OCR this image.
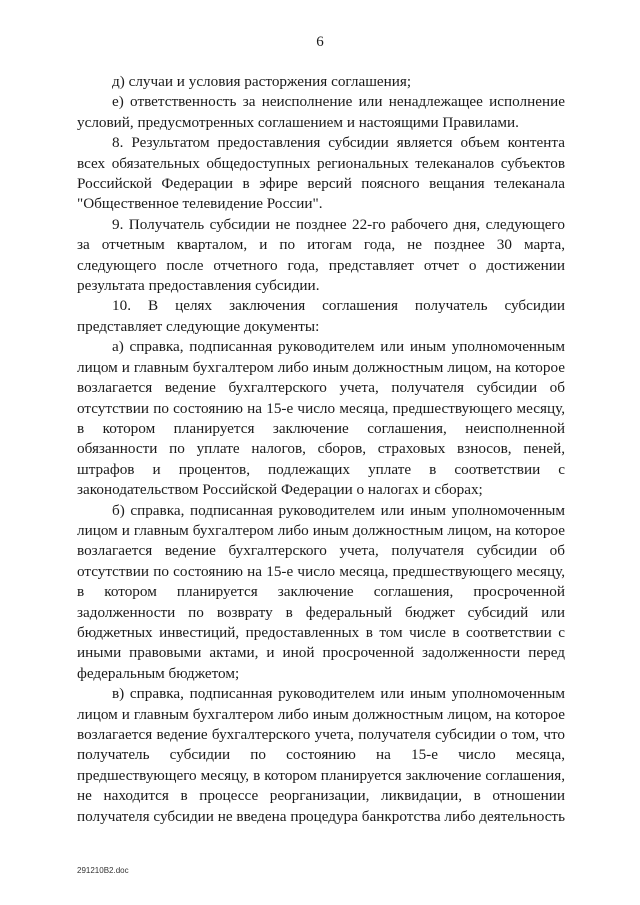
6

д) случаи и условия расторжения соглашения;

е) ответственность за неисполнение или ненадлежащее исполнение условий, предусмотренных соглашением и настоящими Правилами.

8. Результатом предоставления субсидии является объем контента всех обязательных общедоступных региональных телеканалов субъектов Российской Федерации в эфире версий поясного вещания телеканала "Общественное телевидение России".

9. Получатель субсидии не позднее 22-го рабочего дня, следующего за отчетным кварталом, и по итогам года, не позднее 30 марта, следующего после отчетного года, представляет отчет о достижении результата предоставления субсидии.

10. В целях заключения соглашения получатель субсидии представляет следующие документы:

а) справка, подписанная руководителем или иным уполномоченным лицом и главным бухгалтером либо иным должностным лицом, на которое возлагается ведение бухгалтерского учета, получателя субсидии об отсутствии по состоянию на 15-е число месяца, предшествующего месяцу, в котором планируется заключение соглашения, неисполненной обязанности по уплате налогов, сборов, страховых взносов, пеней, штрафов и процентов, подлежащих уплате в соответствии с законодательством Российской Федерации о налогах и сборах;

б) справка, подписанная руководителем или иным уполномоченным лицом и главным бухгалтером либо иным должностным лицом, на которое возлагается ведение бухгалтерского учета, получателя субсидии об отсутствии по состоянию на 15-е число месяца, предшествующего месяцу, в котором планируется заключение соглашения, просроченной задолженности по возврату в федеральный бюджет субсидий или бюджетных инвестиций, предоставленных в том числе в соответствии с иными правовыми актами, и иной просроченной задолженности перед федеральным бюджетом;

в) справка, подписанная руководителем или иным уполномоченным лицом и главным бухгалтером либо иным должностным лицом, на которое возлагается ведение бухгалтерского учета, получателя субсидии о том, что получатель субсидии по состоянию на 15-е число месяца, предшествующего месяцу, в котором планируется заключение соглашения, не находится в процессе реорганизации, ликвидации, в отношении получателя субсидии не введена процедура банкротства либо деятельность

291210В2.doc
